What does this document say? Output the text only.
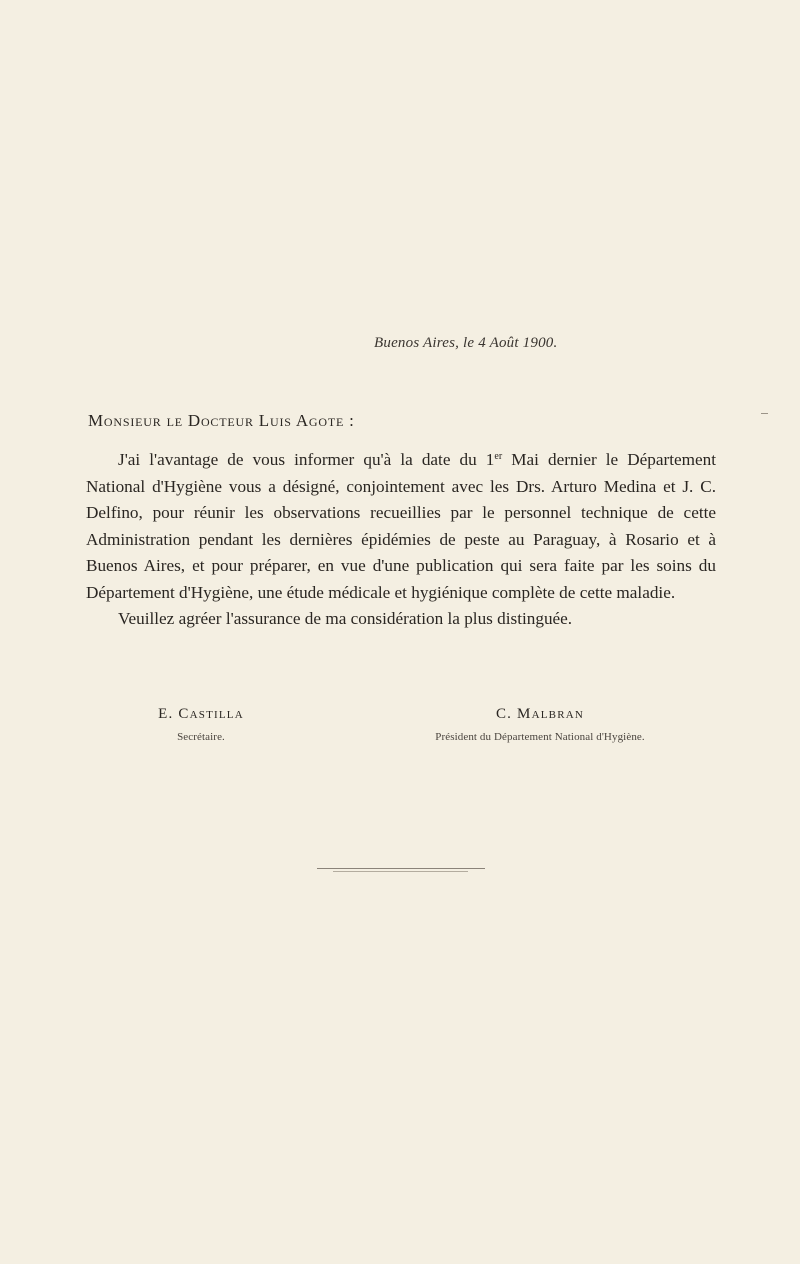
Buenos Aires, le 4 Août 1900.
Monsieur le Docteur Luis Agote :

J'ai l'avantage de vous informer qu'à la date du 1er Mai dernier le Département National d'Hygiène vous a désigné, conjointement avec les Drs. Arturo Medina et J. C. Delfino, pour réunir les observations recueillies par le personnel technique de cette Administration pendant les dernières épidémies de peste au Paraguay, à Rosario et à Buenos Aires, et pour préparer, en vue d'une publication qui sera faite par les soins du Département d'Hygiène, une étude médicale et hygiénique complète de cette maladie.

Veuillez agréer l'assurance de ma considération la plus distinguée.

E. Castilla
Secrétaire.
C. Malbran
Président du Département National d'Hygiène.
